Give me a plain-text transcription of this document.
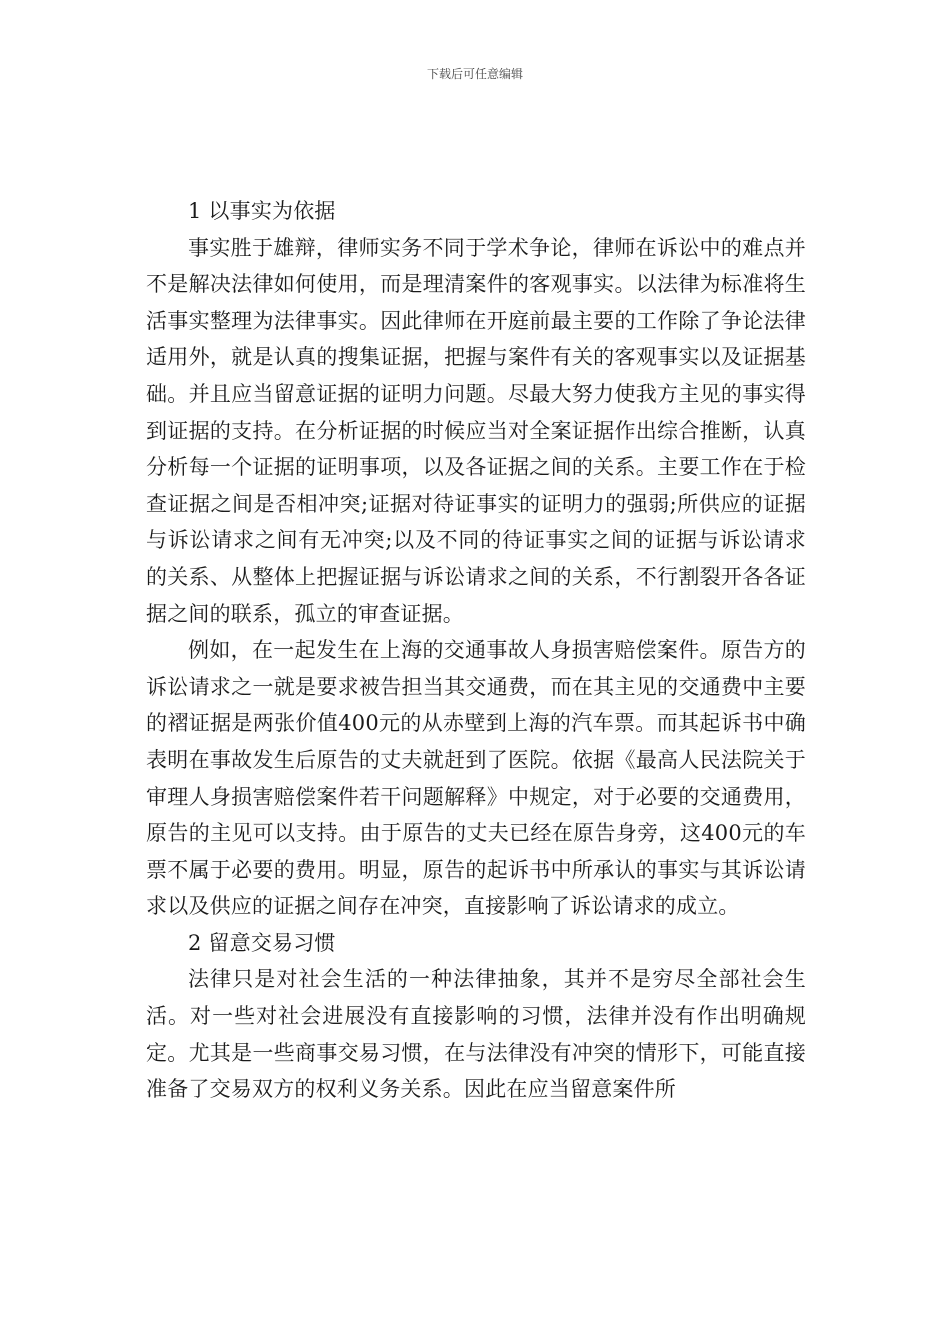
下载后可任意编辑
1 以事实为依据

事实胜于雄辩，律师实务不同于学术争论，律师在诉讼中的难点并不是解决法律如何使用，而是理清案件的客观事实。以法律为标准将生活事实整理为法律事实。因此律师在开庭前最主要的工作除了争论法律适用外，就是认真的搜集证据，把握与案件有关的客观事实以及证据基础。并且应当留意证据的证明力问题。尽最大努力使我方主见的事实得到证据的支持。在分析证据的时候应当对全案证据作出综合推断，认真分析每一个证据的证明事项，以及各证据之间的关系。主要工作在于检查证据之间是否相冲突;证据对待证事实的证明力的强弱;所供应的证据与诉讼请求之间有无冲突;以及不同的待证事实之间的证据与诉讼请求的关系、从整体上把握证据与诉讼请求之间的关系，不行割裂开各各证据之间的联系，孤立的审查证据。

例如，在一起发生在上海的交通事故人身损害赔偿案件。原告方的诉讼请求之一就是要求被告担当其交通费，而在其主见的交通费中主要的褶证据是两张价值400元的从赤壁到上海的汽车票。而其起诉书中确表明在事故发生后原告的丈夫就赶到了医院。依据《最高人民法院关于审理人身损害赔偿案件若干问题解释》中规定，对于必要的交通费用，原告的主见可以支持。由于原告的丈夫已经在原告身旁，这400元的车票不属于必要的费用。明显，原告的起诉书中所承认的事实与其诉讼请求以及供应的证据之间存在冲突，直接影响了诉讼请求的成立。

2 留意交易习惯

法律只是对社会生活的一种法律抽象，其并不是穷尽全部社会生活。对一些对社会进展没有直接影响的习惯，法律并没有作出明确规定。尤其是一些商事交易习惯，在与法律没有冲突的情形下，可能直接准备了交易双方的权利义务关系。因此在应当留意案件所
